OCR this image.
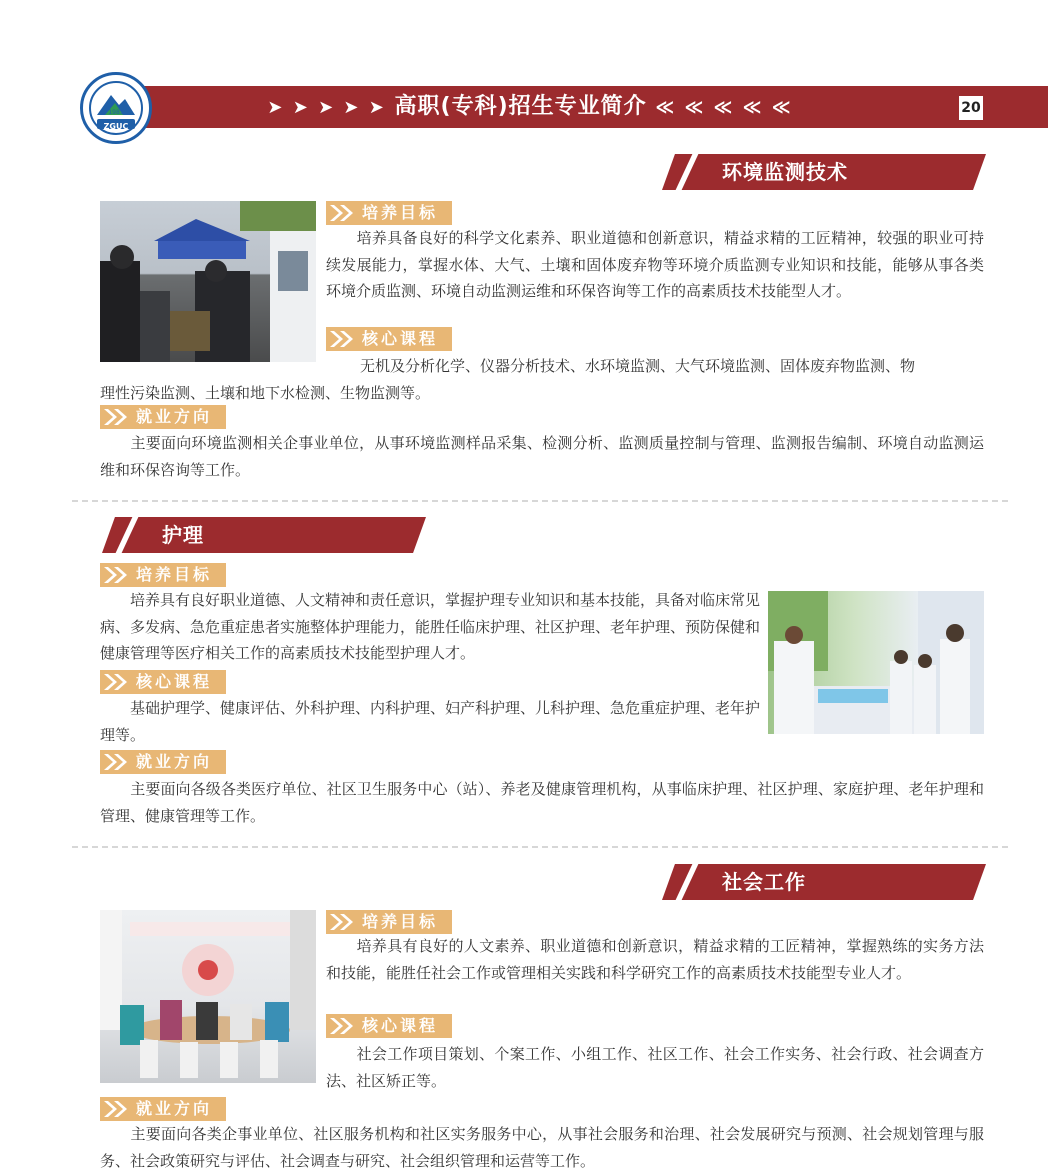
1983
ZGUC
➤ ➤ ➤ ➤ ➤ 高职(专科)招生专业简介 ≪ ≪ ≪ ≪ ≪	20
环境监测技术
培养目标

　　培养具备良好的科学文化素养、职业道德和创新意识，精益求精的工匠精神，较强的职业可持续发展能力，掌握水体、大气、土壤和固体废弃物等环境介质监测专业知识和技能，能够从事各类环境介质监测、环境自动监测运维和环保咨询等工作的高素质技术技能型人才。

核心课程

无机及分析化学、仪器分析技术、水环境监测、大气环境监测、固体废弃物监测、物

理性污染监测、土壤和地下水检测、生物监测等。

就业方向

　　主要面向环境监测相关企事业单位，从事环境监测样品采集、检测分析、监测质量控制与管理、监测报告编制、环境自动监测运维和环保咨询等工作。

护理
培养目标

　　培养具有良好职业道德、人文精神和责任意识，掌握护理专业知识和基本技能，具备对临床常见病、多发病、急危重症患者实施整体护理能力，能胜任临床护理、社区护理、老年护理、预防保健和健康管理等医疗相关工作的高素质技术技能型护理人才。

核心课程

　　基础护理学、健康评估、外科护理、内科护理、妇产科护理、儿科护理、急危重症护理、老年护理等。

就业方向

　　主要面向各级各类医疗单位、社区卫生服务中心（站）、养老及健康管理机构，从事临床护理、社区护理、家庭护理、老年护理和管理、健康管理等工作。

社会工作
培养目标

　　培养具有良好的人文素养、职业道德和创新意识，精益求精的工匠精神，掌握熟练的实务方法和技能，能胜任社会工作或管理相关实践和科学研究工作的高素质技术技能型专业人才。

核心课程

　　社会工作项目策划、个案工作、小组工作、社区工作、社会工作实务、社会行政、社会调查方法、社区矫正等。

就业方向

　　主要面向各类企事业单位、社区服务机构和社区实务服务中心，从事社会服务和治理、社会发展研究与预测、社会规划管理与服务、社会政策研究与评估、社会调查与研究、社会组织管理和运营等工作。
